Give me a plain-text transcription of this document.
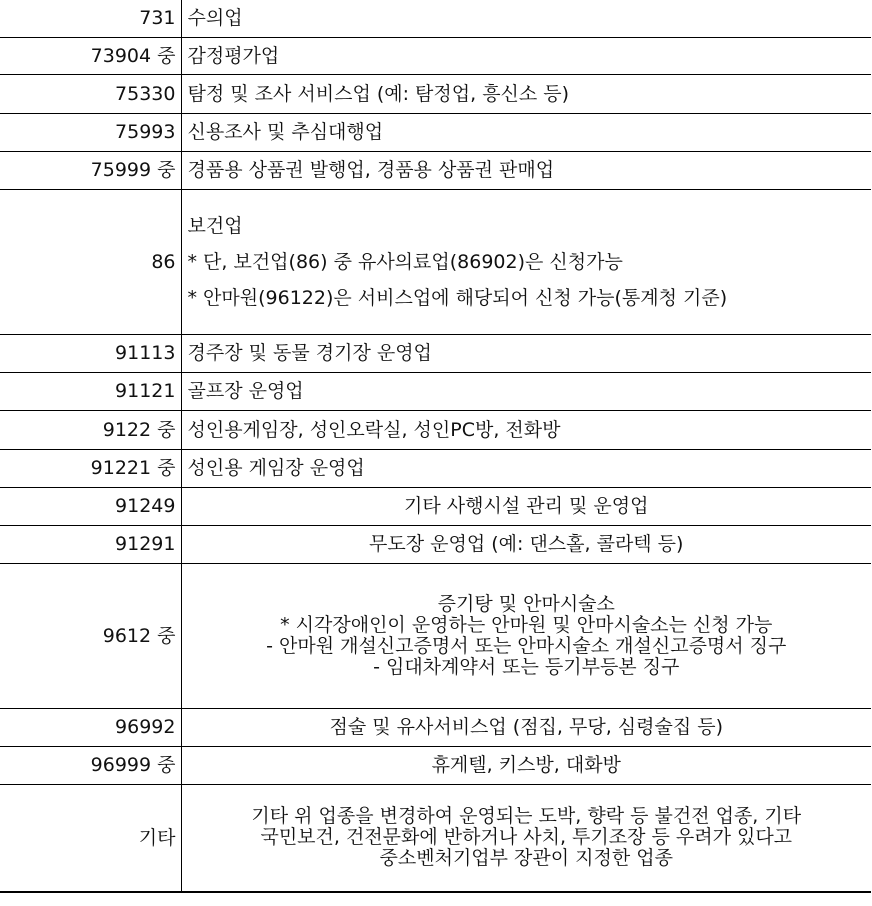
731	수의업

73904 중	감정평가업

75330	탐정 및 조사 서비스업 (예: 탐정업, 흥신소 등)

75993	신용조사 및 추심대행업

75999 중	경품용 상품권 발행업, 경품용 상품권 판매업

86	보건업
* 단, 보건업(86) 중 유사의료업(86902)은 신청가능
* 안마원(96122)은 서비스업에 해당되어 신청 가능(통계청 기준)

91113	경주장 및 동물 경기장 운영업

91121	골프장 운영업

9122 중	성인용게임장, 성인오락실, 성인PC방, 전화방

91221 중	성인용 게임장 운영업

91249	기타 사행시설 관리 및 운영업

91291	무도장 운영업 (예: 댄스홀, 콜라텍 등)

9612 중	증기탕 및 안마시술소
* 시각장애인이 운영하는 안마원 및 안마시술소는 신청 가능
- 안마원 개설신고증명서 또는 안마시술소 개설신고증명서 징구
- 임대차계약서 또는 등기부등본 징구

96992	점술 및 유사서비스업 (점집, 무당, 심령술집 등)

96999 중	휴게텔, 키스방, 대화방

기타	기타 위 업종을 변경하여 운영되는 도박, 향락 등 불건전 업종, 기타
국민보건, 건전문화에 반하거나 사치, 투기조장 등 우려가 있다고
중소벤처기업부 장관이 지정한 업종
